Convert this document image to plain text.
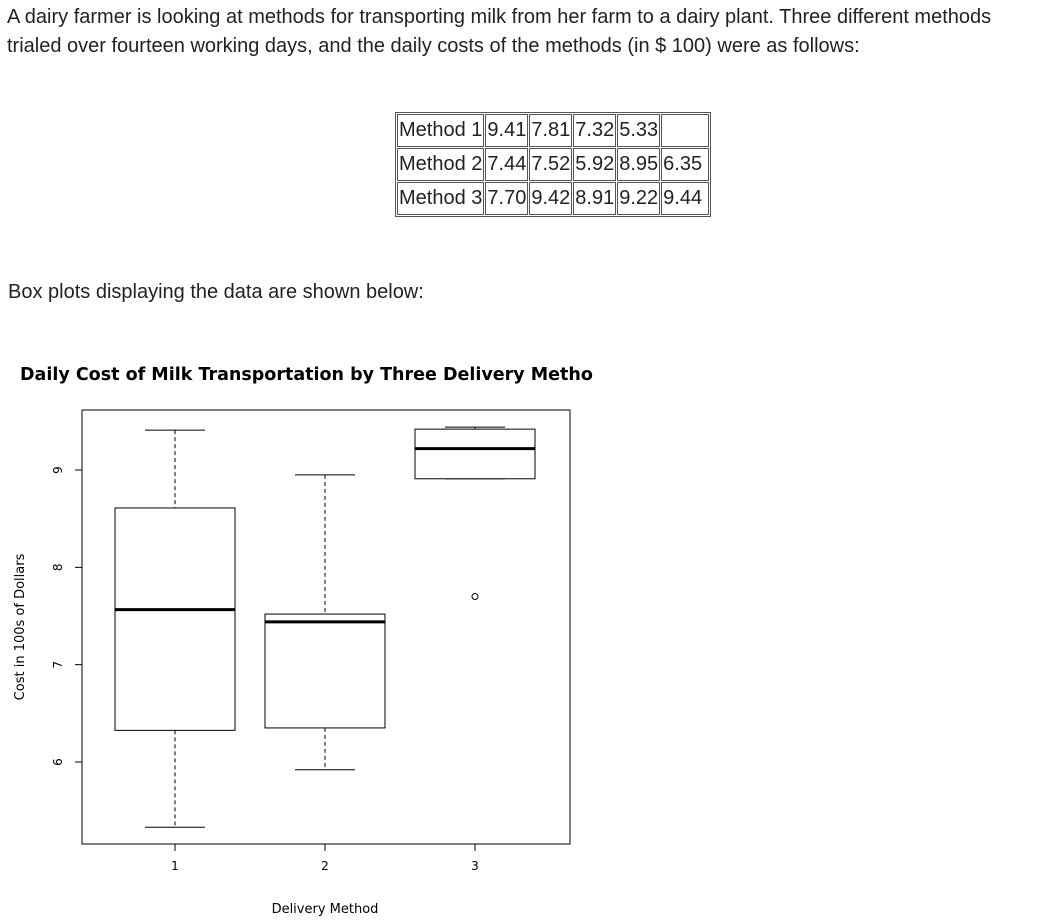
A dairy farmer is looking at methods for transporting milk from her farm to a dairy plant. Three different methods
trialed over fourteen working days, and the daily costs of the methods (in $ 100) were as follows:

Method 1	9.41	7.81	7.32	5.33	
Method 2	7.44	7.52	5.92	8.95	6.35
Method 3	7.70	9.42	8.91	9.22	9.44

Box plots displaying the data are shown below:

Daily Cost of Milk Transportation by Three Delivery Metho
6
7
8
9
1	2	3
Delivery Method
Cost in 100s of Dollars
